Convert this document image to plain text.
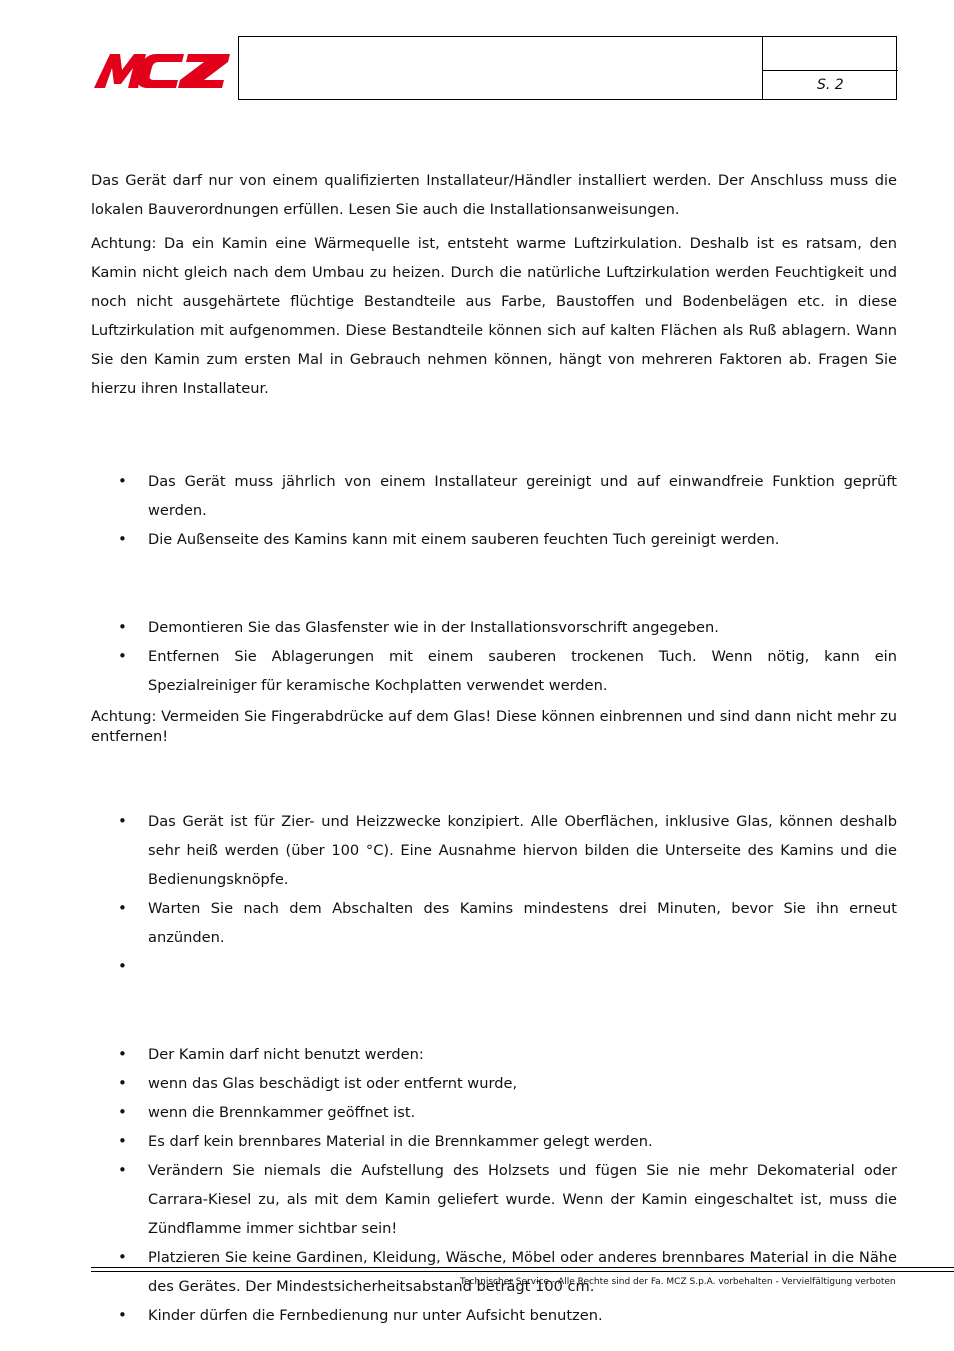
S. 2

Das Gerät darf nur von einem qualifizierten Installateur/Händler installiert werden. Der Anschluss muss die lokalen Bauverordnungen erfüllen. Lesen Sie auch die Installationsanweisungen.

Achtung: Da ein Kamin eine Wärmequelle ist, entsteht warme Luftzirkulation. Deshalb ist es ratsam, den Kamin nicht gleich nach dem Umbau zu heizen. Durch die natürliche Luftzirkulation werden Feuchtigkeit und noch nicht ausgehärtete flüchtige Bestandteile aus Farbe, Baustoffen und Bodenbelägen etc. in diese Luftzirkulation mit aufgenommen. Diese Bestandteile können sich auf kalten Flächen als Ruß ablagern. Wann Sie den Kamin zum ersten Mal in Gebrauch nehmen können, hängt von mehreren Faktoren ab. Fragen Sie hierzu ihren Installateur.

• Das Gerät muss jährlich von einem Installateur gereinigt und auf einwandfreie Funktion geprüft werden.
• Die Außenseite des Kamins kann mit einem sauberen feuchten Tuch gereinigt werden.
• Demontieren Sie das Glasfenster wie in der Installationsvorschrift angegeben.
• Entfernen Sie Ablagerungen mit einem sauberen trockenen Tuch. Wenn nötig, kann ein Spezialreiniger für keramische Kochplatten verwendet werden.

Achtung: Vermeiden Sie Fingerabdrücke auf dem Glas! Diese können einbrennen und sind dann nicht mehr zu entfernen!

• Das Gerät ist für Zier- und Heizzwecke konzipiert. Alle Oberflächen, inklusive Glas, können deshalb sehr heiß werden (über 100 °C). Eine Ausnahme hiervon bilden die Unterseite des Kamins und die Bedienungsknöpfe.
• Warten Sie nach dem Abschalten des Kamins mindestens drei Minuten, bevor Sie ihn erneut anzünden.
•
• Der Kamin darf nicht benutzt werden:
• wenn das Glas beschädigt ist oder entfernt wurde,
• wenn die Brennkammer geöffnet ist.
• Es darf kein brennbares Material in die Brennkammer gelegt werden.
• Verändern Sie niemals die Aufstellung des Holzsets und fügen Sie nie mehr Dekomaterial oder Carrara-Kiesel zu, als mit dem Kamin geliefert wurde. Wenn der Kamin eingeschaltet ist, muss die Zündflamme immer sichtbar sein!
• Platzieren Sie keine Gardinen, Kleidung, Wäsche, Möbel oder anderes brennbares Material in die Nähe des Gerätes. Der Mindestsicherheitsabstand beträgt 100 cm.
• Kinder dürfen die Fernbedienung nur unter Aufsicht benutzen.
Technischer Service - Alle Rechte sind der Fa. MCZ S.p.A. vorbehalten - Vervielfältigung verboten
